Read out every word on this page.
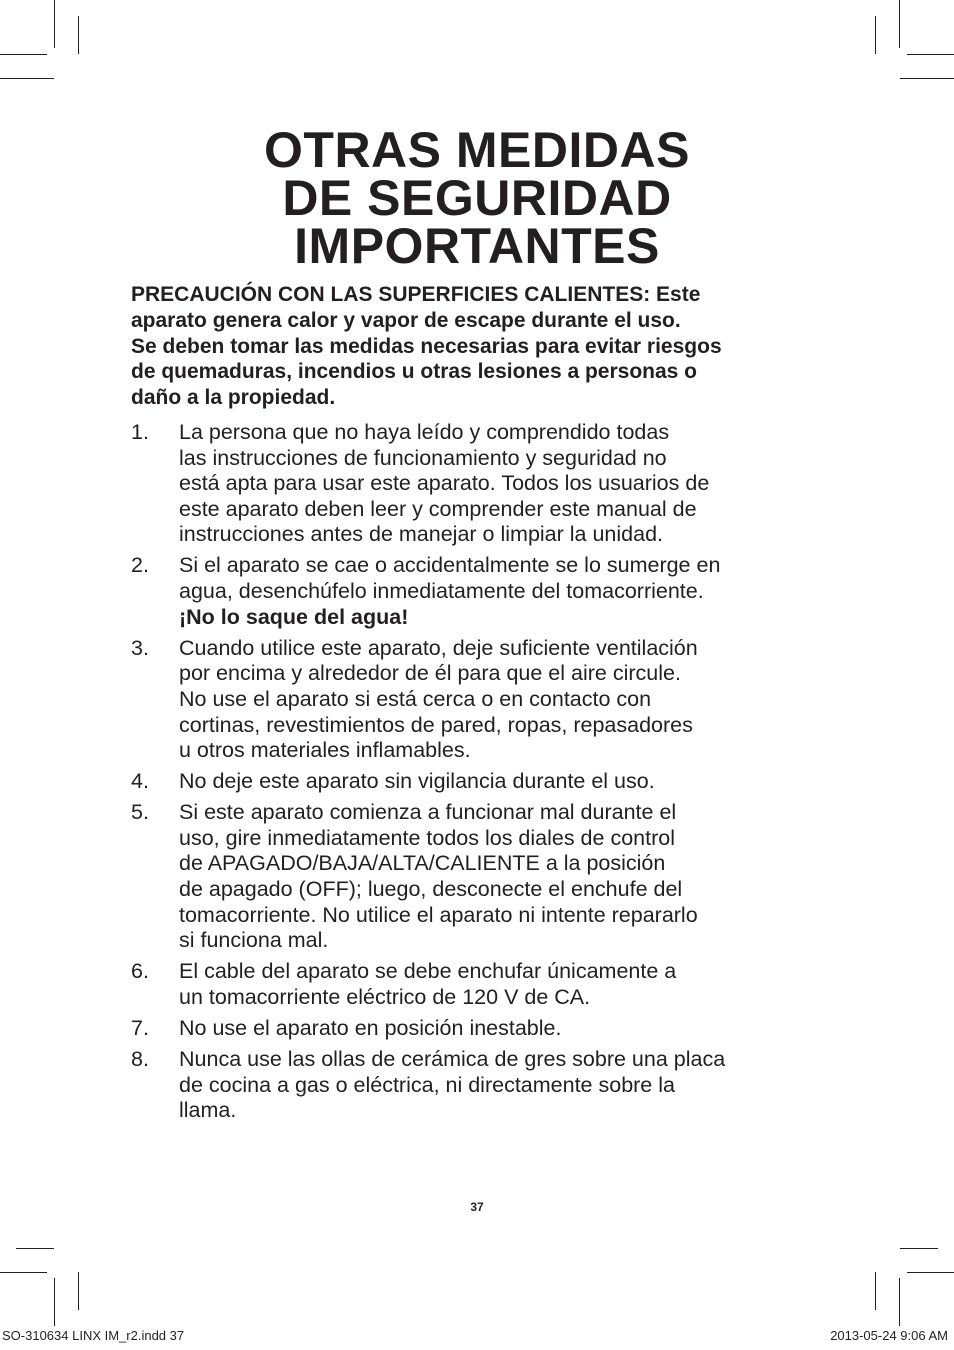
OTRAS MEDIDAS
DE SEGURIDAD
IMPORTANTES

PRECAUCIÓN CON LAS SUPERFICIES CALIENTES: Este
aparato genera calor y vapor de escape durante el uso.
Se deben tomar las medidas necesarias para evitar riesgos
de quemaduras, incendios u otras lesiones a personas o
daño a la propiedad.

1.	La persona que no haya leído y comprendido todas
las instrucciones de funcionamiento y seguridad no
está apta para usar este aparato. Todos los usuarios de
este aparato deben leer y comprender este manual de
instrucciones antes de manejar o limpiar la unidad.
2.	Si el aparato se cae o accidentalmente se lo sumerge en
agua, desenchúfelo inmediatamente del tomacorriente.
¡No lo saque del agua!
3.	Cuando utilice este aparato, deje suficiente ventilación
por encima y alrededor de él para que el aire circule.
No use el aparato si está cerca o en contacto con
cortinas, revestimientos de pared, ropas, repasadores
u otros materiales inflamables.
4.	No deje este aparato sin vigilancia durante el uso.
5.	Si este aparato comienza a funcionar mal durante el
uso, gire inmediatamente todos los diales de control
de APAGADO/BAJA/ALTA/CALIENTE a la posición
de apagado (OFF); luego, desconecte el enchufe del
tomacorriente. No utilice el aparato ni intente repararlo
si funciona mal.
6.	El cable del aparato se debe enchufar únicamente a
un tomacorriente eléctrico de 120 V de CA.
7.	No use el aparato en posición inestable.
8.	Nunca use las ollas de cerámica de gres sobre una placa
de cocina a gas o eléctrica, ni directamente sobre la
llama.
37
SO-310634 LINX IM_r2.indd 37	2013-05-24 9:06 AM
